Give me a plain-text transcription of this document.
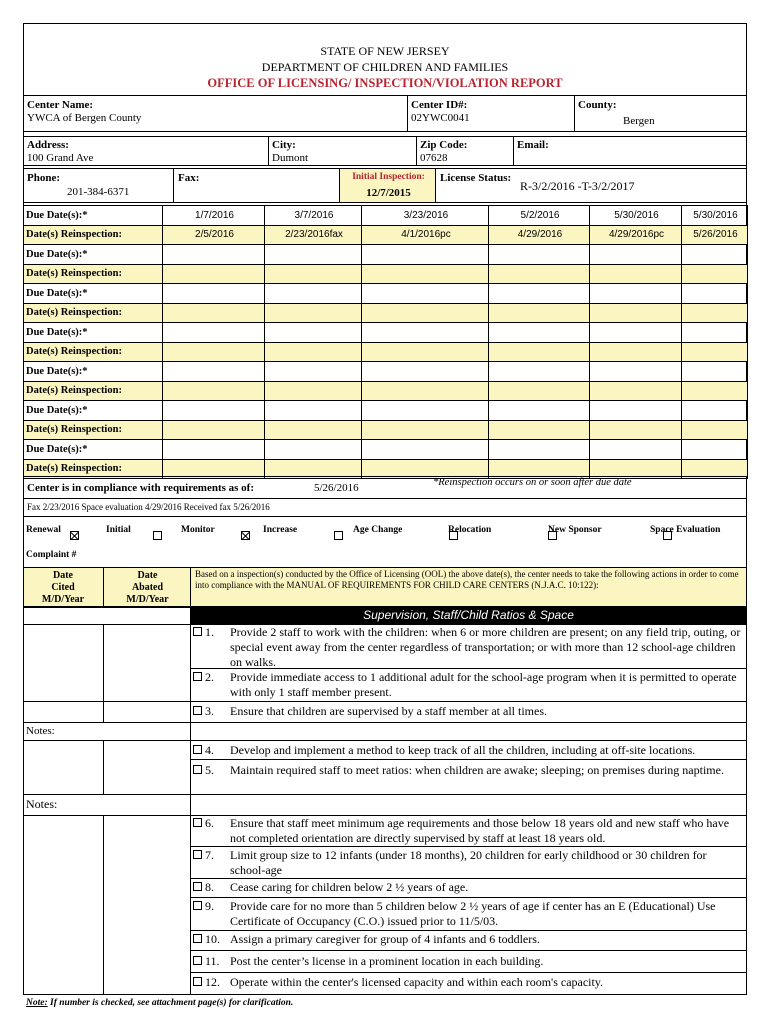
STATE OF NEW JERSEY
DEPARTMENT OF CHILDREN AND FAMILIES
OFFICE OF LICENSING/ INSPECTION/VIOLATION REPORT
Center Name:
YWCA of Bergen County
Center ID#:
02YWC0041
County:
Bergen
Address:
100 Grand Ave
City:
Dumont
Zip Code:
07628
Email:
Phone:
201-384-6371
Fax:	Initial Inspection:
12/7/2015
License Status:
R-3/2/2016 -T-3/2/2017
Due Date(s):*	1/7/2016	3/7/2016	3/23/2016	5/2/2016	5/30/2016	5/30/2016
Date(s) Reinspection:	2/5/2016	2/23/2016fax	4/1/2016pc	4/29/2016	4/29/2016pc	5/26/2016
Due Date(s):*						
Date(s) Reinspection:						
Due Date(s):*						
Date(s) Reinspection:						
Due Date(s):*						
Date(s) Reinspection:						
Due Date(s):*						
Date(s) Reinspection:						
Due Date(s):*						
Date(s) Reinspection:						
Due Date(s):*						
Date(s) Reinspection:						
Center is in compliance with requirements as of:	5/26/2016	*Reinspection occurs on or soon after due date
Fax 2/23/2016 Space evaluation 4/29/2016 Received fax 5/26/2016
Renewal	Initial	Monitor	Increase	Age Change	Relocation	New Sponsor	Space Evaluation
Complaint #
Date
Cited
M/D/Year
Date
Abated
M/D/Year
Based on a inspection(s) conducted by the Office of Licensing (OOL) the above date(s), the center needs to take the following actions in order to come into compliance with the MANUAL OF REQUIREMENTS FOR CHILD CARE CENTERS (N.J.A.C. 10:122):
Supervision, Staff/Child Ratios & Space
Notes:
Notes:
1. Provide 2 staff to work with the children: when 6 or more children are present; on any field trip, outing, or special event away from the center regardless of transportation; or with more than 12 school-age children on walks.
2. Provide immediate access to 1 additional adult for the school-age program when it is permitted to operate with only 1 staff member present.
3. Ensure that children are supervised by a staff member at all times.
4. Develop and implement a method to keep track of all the children, including at off-site locations.
5. Maintain required staff to meet ratios: when children are awake; sleeping; on premises during naptime.
6. Ensure that staff meet minimum age requirements and those below 18 years old and new staff who have not completed orientation are directly supervised by staff at least 18 years old.
7. Limit group size to 12 infants (under 18 months), 20 children for early childhood or 30 children for school-age
8. Cease caring for children below 2 ½ years of age.
9. Provide care for no more than 5 children below 2 ½ years of age if center has an E (Educational) Use Certificate of Occupancy (C.O.) issued prior to 11/5/03.
10. Assign a primary caregiver for group of 4 infants and 6 toddlers.
11. Post the center’s license in a prominent location in each building.
12. Operate within the center's licensed capacity and within each room's capacity.
Note: If number is checked, see attachment page(s) for clarification.
